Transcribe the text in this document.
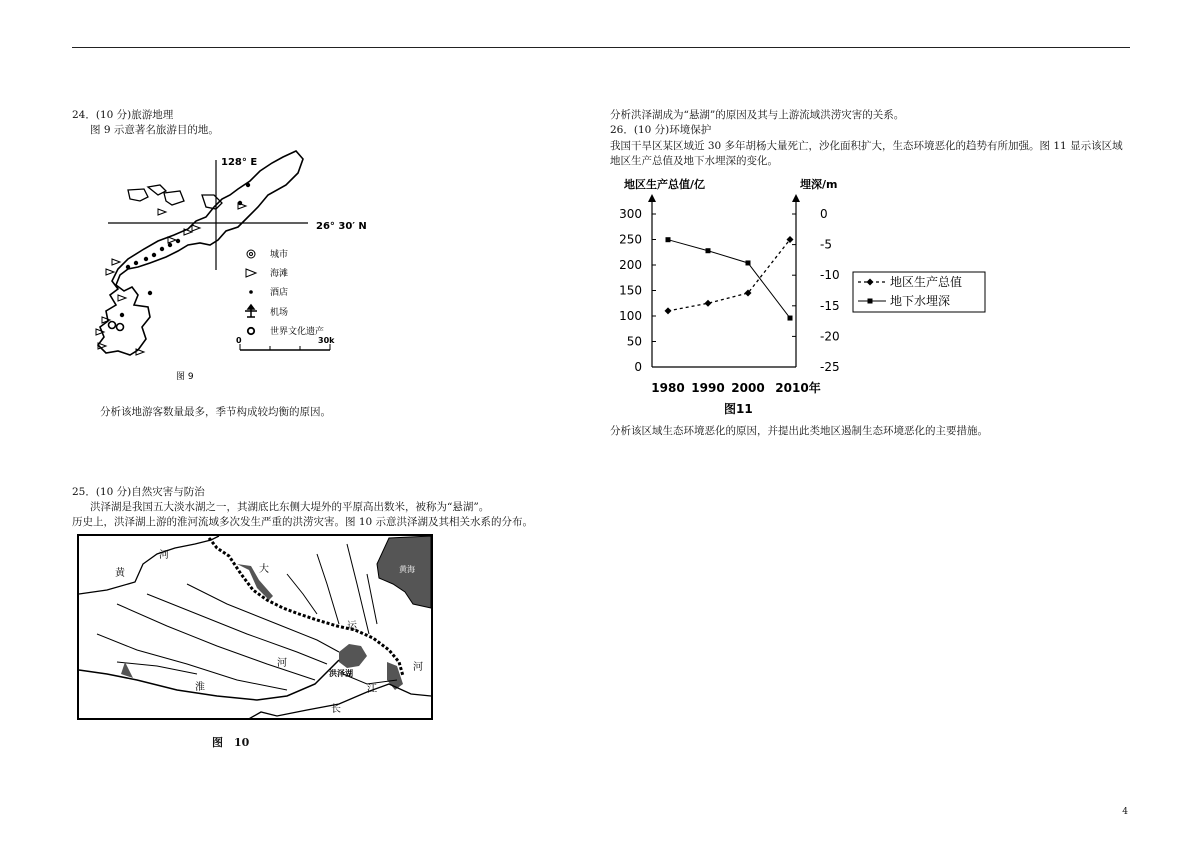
24．(10 分)旅游地理
图 9 示意著名旅游目的地。
128° E
26° 30′ N
城市
海滩
酒店
机场
世界文化遗产
0	30k
图 9
分析该地游客数量最多，季节构成较均衡的原因。
25．(10 分)自然灾害与防治
洪泽湖是我国五大淡水湖之一，其湖底比东侧大堤外的平原高出数米，被称为“悬湖”。
历史上，洪泽湖上游的淮河流域多次发生严重的洪涝灾害。图 10 示意洪泽湖及其相关水系的分布。
黄海
黄
河
大
运
河
淮
洪泽湖
江
长
河
图　10
分析洪泽湖成为“悬湖”的原因及其与上游流域洪涝灾害的关系。
26．(10 分)环境保护
我国干旱区某区域近 30 多年胡杨大量死亡，沙化面积扩大，生态环境恶化的趋势有所加强。图 11 显示该区域
地区生产总值及地下水埋深的变化。
地区生产总值/亿	埋深/m
0
50
100
150
200
250
300	0
-5
-10
-15
-20
-25
1980 1990 2000 2010年
地区生产总值
地下水埋深
图11
分析该区域生态环境恶化的原因，并提出此类地区遏制生态环境恶化的主要措施。
4
